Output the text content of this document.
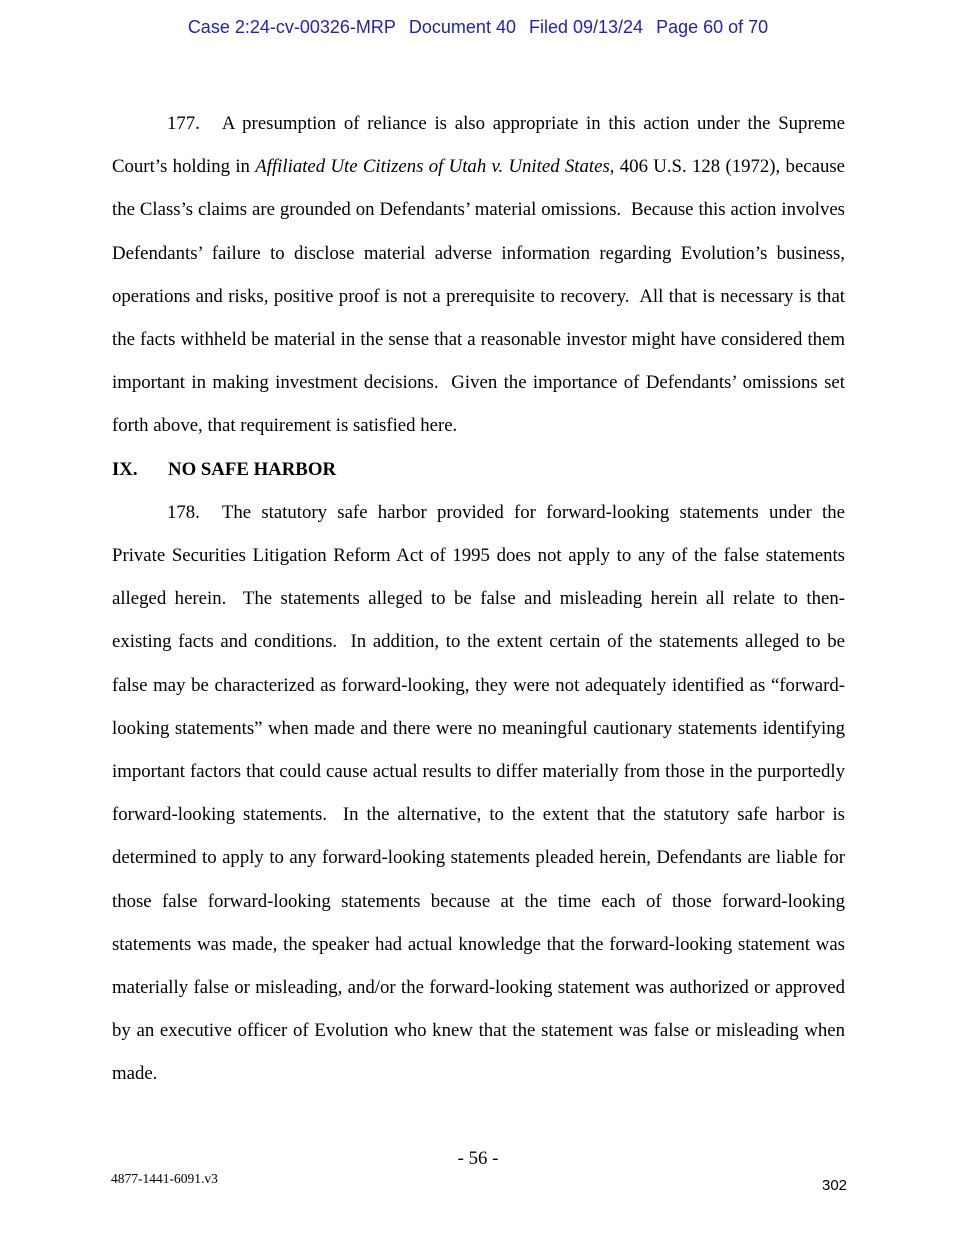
Case 2:24-cv-00326-MRP Document 40 Filed 09/13/24 Page 60 of 70

177. A presumption of reliance is also appropriate in this action under the Supreme Court’s holding in Affiliated Ute Citizens of Utah v. United States, 406 U.S. 128 (1972), because the Class’s claims are grounded on Defendants’ material omissions.  Because this action involves Defendants’ failure to disclose material adverse information regarding Evolution’s business, operations and risks, positive proof is not a prerequisite to recovery.  All that is necessary is that the facts withheld be material in the sense that a reasonable investor might have considered them important in making investment decisions.  Given the importance of Defendants’ omissions set forth above, that requirement is satisfied here.

IX. NO SAFE HARBOR

178. The statutory safe harbor provided for forward-looking statements under the Private Securities Litigation Reform Act of 1995 does not apply to any of the false statements alleged herein.  The statements alleged to be false and misleading herein all relate to then-existing facts and conditions.  In addition, to the extent certain of the statements alleged to be false may be characterized as forward-looking, they were not adequately identified as “forward-looking statements” when made and there were no meaningful cautionary statements identifying important factors that could cause actual results to differ materially from those in the purportedly forward-looking statements.  In the alternative, to the extent that the statutory safe harbor is determined to apply to any forward-looking statements pleaded herein, Defendants are liable for those false forward-looking statements because at the time each of those forward-looking statements was made, the speaker had actual knowledge that the forward-looking statement was materially false or misleading, and/or the forward-looking statement was authorized or approved by an executive officer of Evolution who knew that the statement was false or misleading when made.

- 56 -
4877-1441-6091.v3	302
